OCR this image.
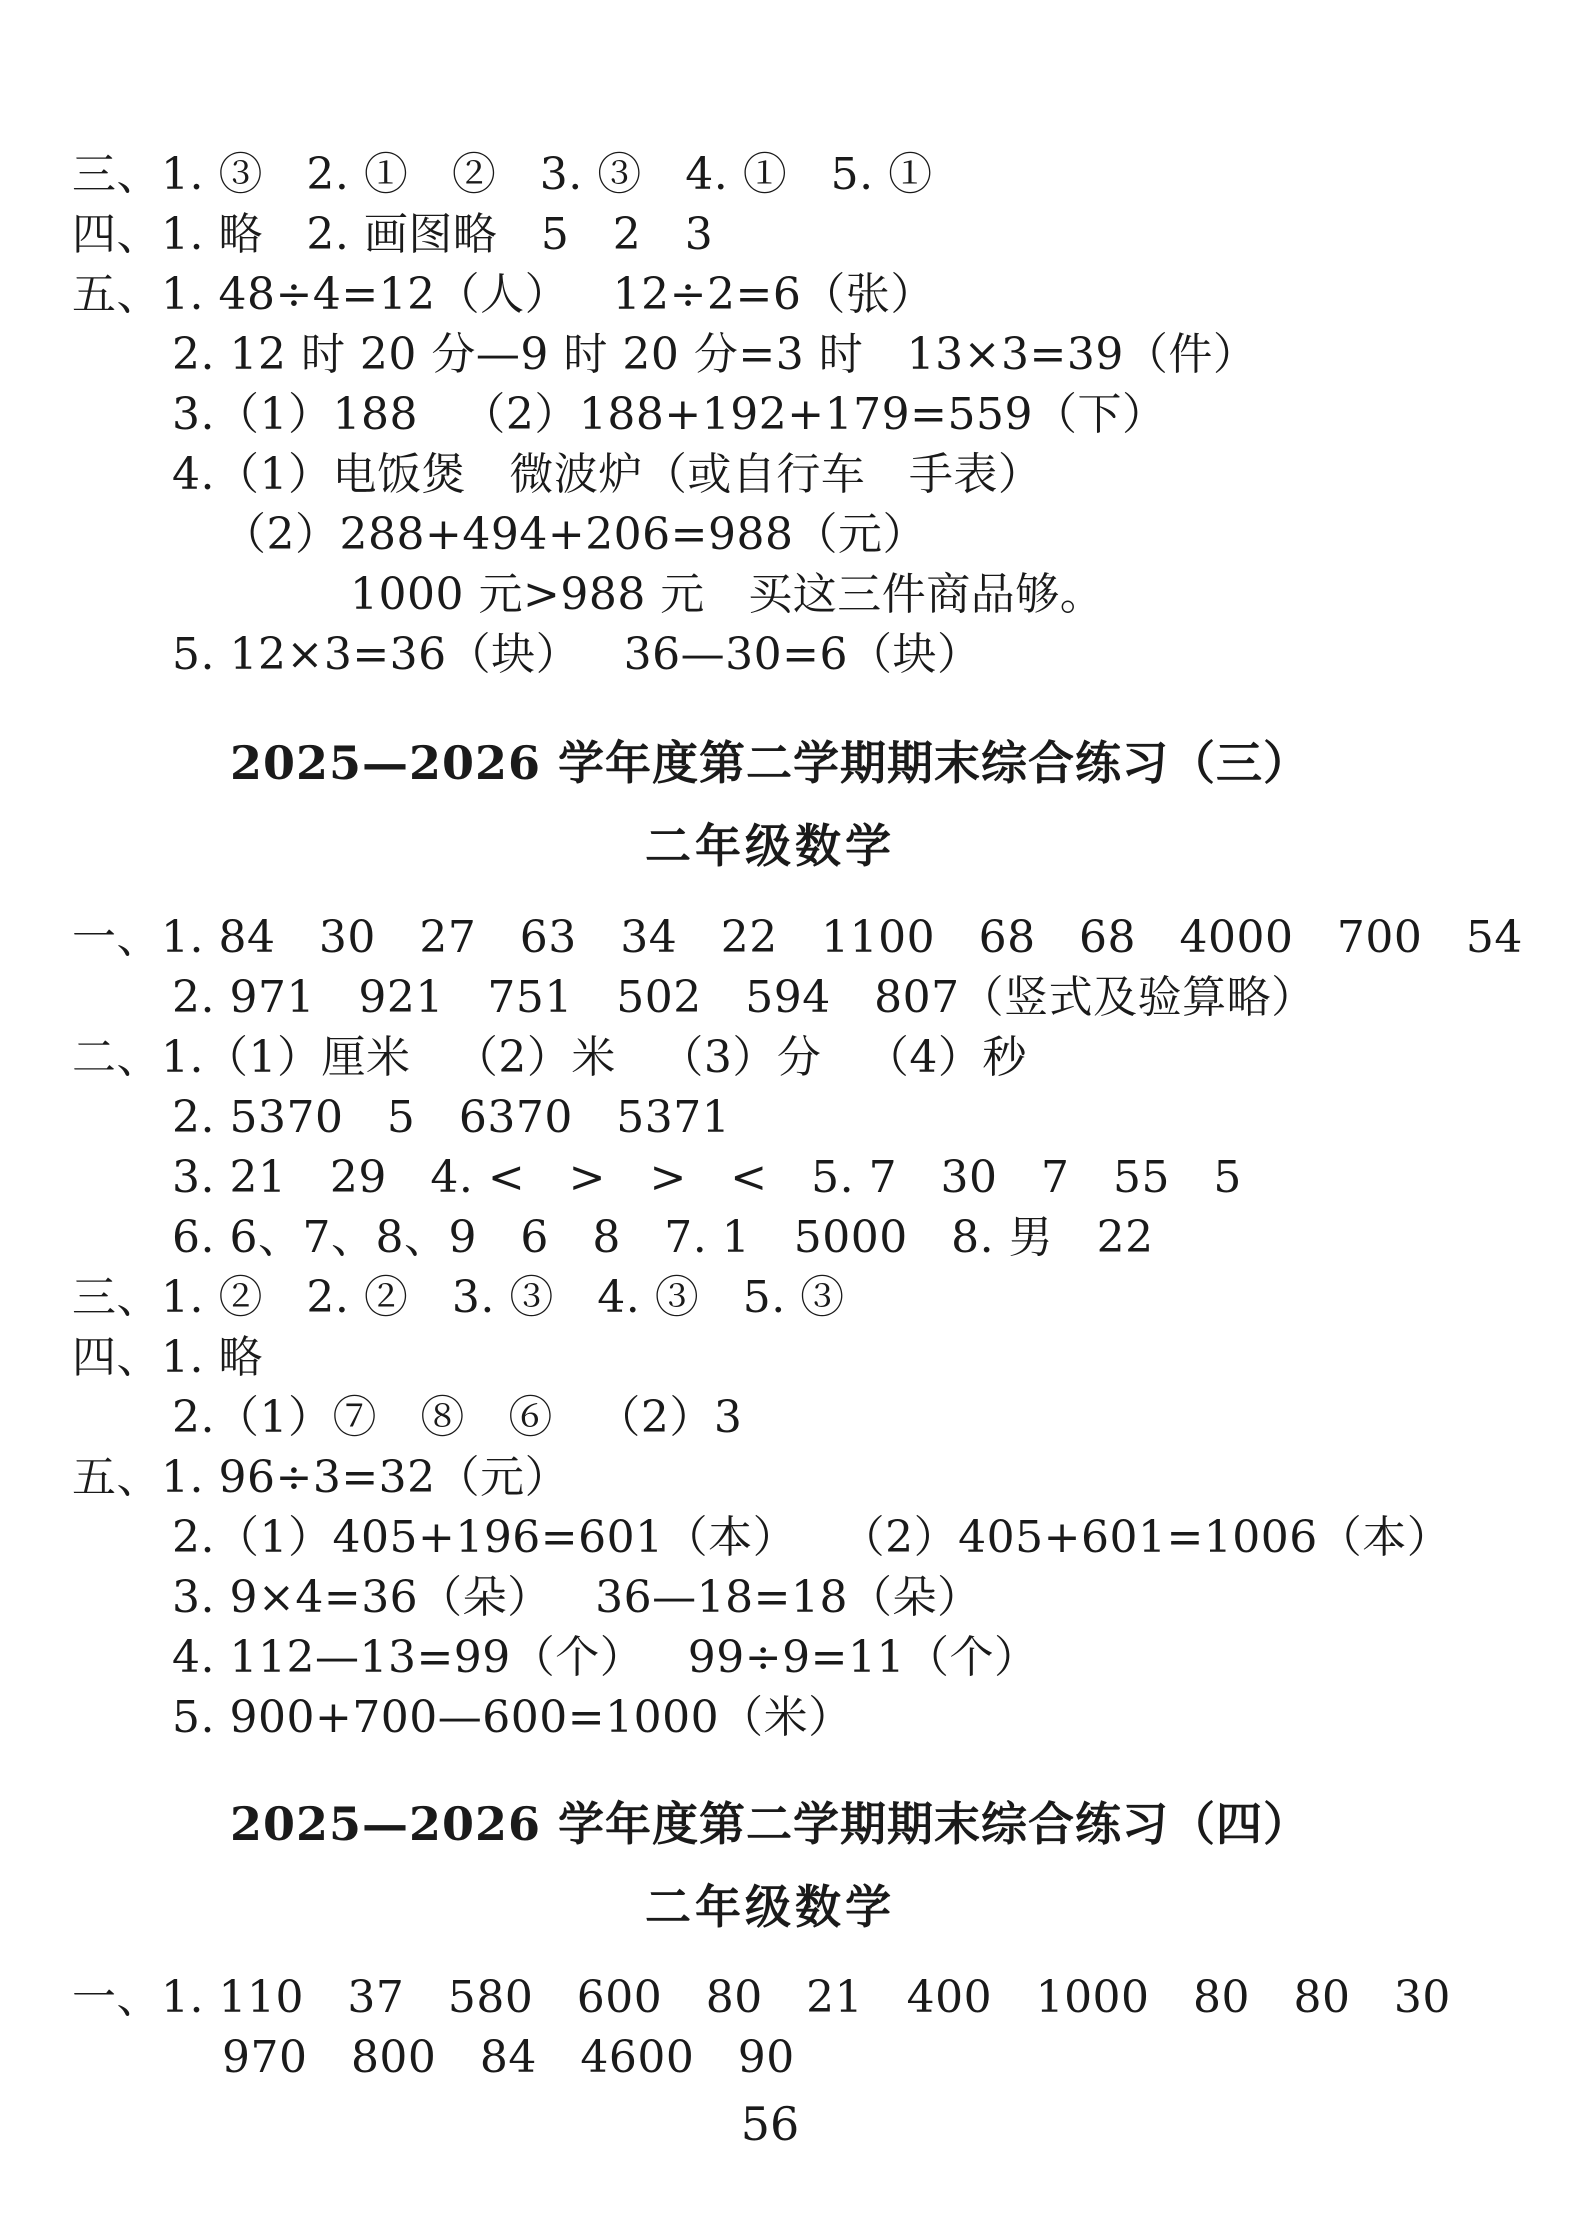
三、1. ③   2. ①   ②   3. ③   4. ①   5. ①
四、1. 略   2. 画图略   5   2   3
五、1. 48÷4=12（人）   12÷2=6（张）
2. 12 时 20 分—9 时 20 分=3 时   13×3=39（件）
3.（1）188   （2）188+192+179=559（下）
4.（1）电饭煲   微波炉（或自行车   手表）
（2）288+494+206=988（元）
1000 元>988 元   买这三件商品够。
5. 12×3=36（块）   36—30=6（块）
2025—2026 学年度第二学期期末综合练习（三）
二年级数学
一、1. 84   30   27   63   34   22   1100   68   68   4000   700   54
2. 971   921   751   502   594   807（竖式及验算略）
二、1.（1）厘米   （2）米   （3）分   （4）秒
2. 5370   5   6370   5371
3. 21   29   4. <   >   >   <   5. 7   30   7   55   5
6. 6、7、8、9   6   8   7. 1   5000   8. 男   22
三、1. ②   2. ②   3. ③   4. ③   5. ③
四、1. 略
2.（1）⑦   ⑧   ⑥   （2）3
五、1. 96÷3=32（元）
2.（1）405+196=601（本）   （2）405+601=1006（本）
3. 9×4=36（朵）   36—18=18（朵）
4. 112—13=99（个）   99÷9=11（个）
5. 900+700—600=1000（米）
2025—2026 学年度第二学期期末综合练习（四）
二年级数学
一、1. 110   37   580   600   80   21   400   1000   80   80   30
970   800   84   4600   90
56
